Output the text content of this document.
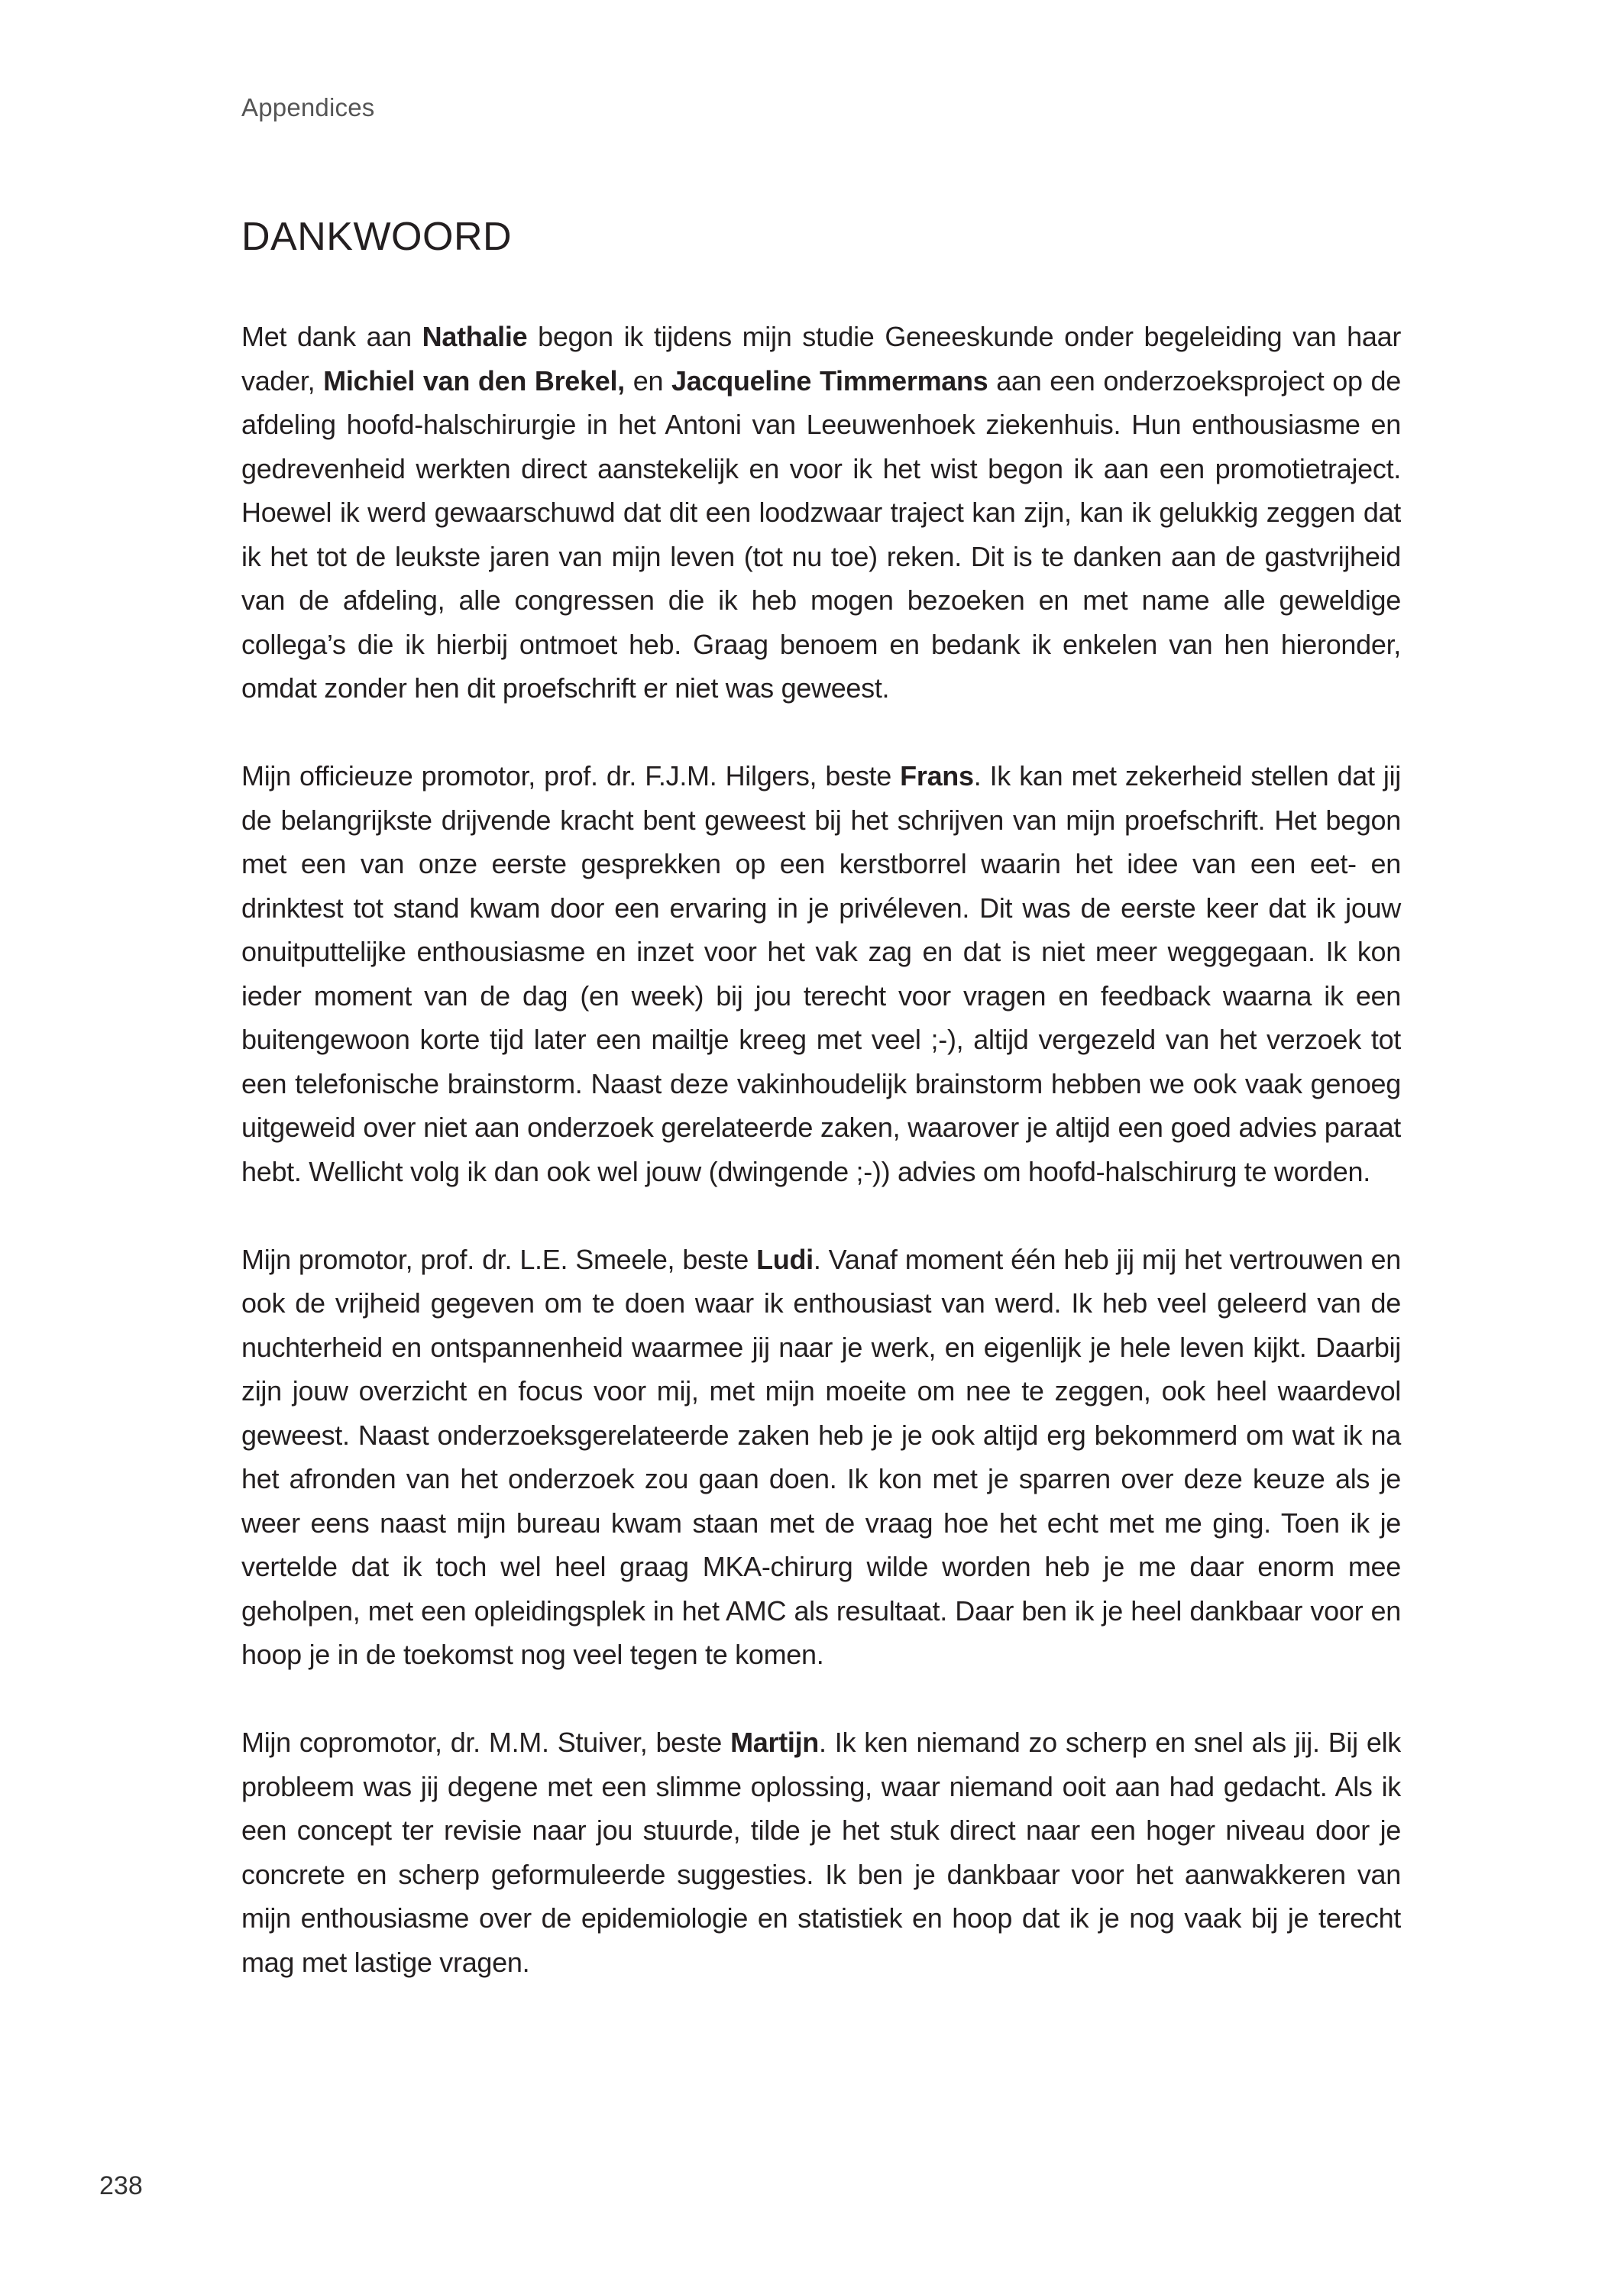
Appendices
DANKWOORD

Met dank aan Nathalie begon ik tijdens mijn studie Geneeskunde onder begeleiding van haar vader, Michiel van den Brekel, en Jacqueline Timmermans aan een onderzoeksproject op de afdeling hoofd-halschirurgie in het Antoni van Leeuwenhoek ziekenhuis. Hun enthousiasme en gedrevenheid werkten direct aanstekelijk en voor ik het wist begon ik aan een promotietraject. Hoewel ik werd gewaarschuwd dat dit een loodzwaar traject kan zijn, kan ik gelukkig zeggen dat ik het tot de leukste jaren van mijn leven (tot nu toe) reken. Dit is te danken aan de gastvrijheid van de afdeling, alle congressen die ik heb mogen bezoeken en met name alle geweldige collega’s die ik hierbij ontmoet heb. Graag benoem en bedank ik enkelen van hen hieronder, omdat zonder hen dit proefschrift er niet was geweest.

Mijn officieuze promotor, prof. dr. F.J.M. Hilgers, beste Frans. Ik kan met zekerheid stellen dat jij de belangrijkste drijvende kracht bent geweest bij het schrijven van mijn proefschrift. Het begon met een van onze eerste gesprekken op een kerstborrel waarin het idee van een eet- en drinktest tot stand kwam door een ervaring in je privéleven. Dit was de eerste keer dat ik jouw onuitputtelijke enthousiasme en inzet voor het vak zag en dat is niet meer weggegaan. Ik kon ieder moment van de dag (en week) bij jou terecht voor vragen en feedback waarna ik een buitengewoon korte tijd later een mailtje kreeg met veel ;-), altijd vergezeld van het verzoek tot een telefonische brainstorm. Naast deze vakinhoudelijk brainstorm hebben we ook vaak genoeg uitgeweid over niet aan onderzoek gerelateerde zaken, waarover je altijd een goed advies paraat hebt. Wellicht volg ik dan ook wel jouw (dwingende ;-)) advies om hoofd-halschirurg te worden.

Mijn promotor, prof. dr. L.E. Smeele, beste Ludi. Vanaf moment één heb jij mij het vertrouwen en ook de vrijheid gegeven om te doen waar ik enthousiast van werd. Ik heb veel geleerd van de nuchterheid en ontspannenheid waarmee jij naar je werk, en eigenlijk je hele leven kijkt. Daarbij zijn jouw overzicht en focus voor mij, met mijn moeite om nee te zeggen, ook heel waardevol geweest. Naast onderzoeksgerelateerde zaken heb je je ook altijd erg bekommerd om wat ik na het afronden van het onderzoek zou gaan doen. Ik kon met je sparren over deze keuze als je weer eens naast mijn bureau kwam staan met de vraag hoe het echt met me ging. Toen ik je vertelde dat ik toch wel heel graag MKA-chirurg wilde worden heb je me daar enorm mee geholpen, met een opleidingsplek in het AMC als resultaat. Daar ben ik je heel dankbaar voor en hoop je in de toekomst nog veel tegen te komen.

Mijn copromotor, dr. M.M. Stuiver, beste Martijn. Ik ken niemand zo scherp en snel als jij. Bij elk probleem was jij degene met een slimme oplossing, waar niemand ooit aan had gedacht. Als ik een concept ter revisie naar jou stuurde, tilde je het stuk direct naar een hoger niveau door je concrete en scherp geformuleerde suggesties. Ik ben je dankbaar voor het aanwakkeren van mijn enthousiasme over de epidemiologie en statistiek en hoop dat ik je nog vaak bij je terecht mag met lastige vragen.

238
